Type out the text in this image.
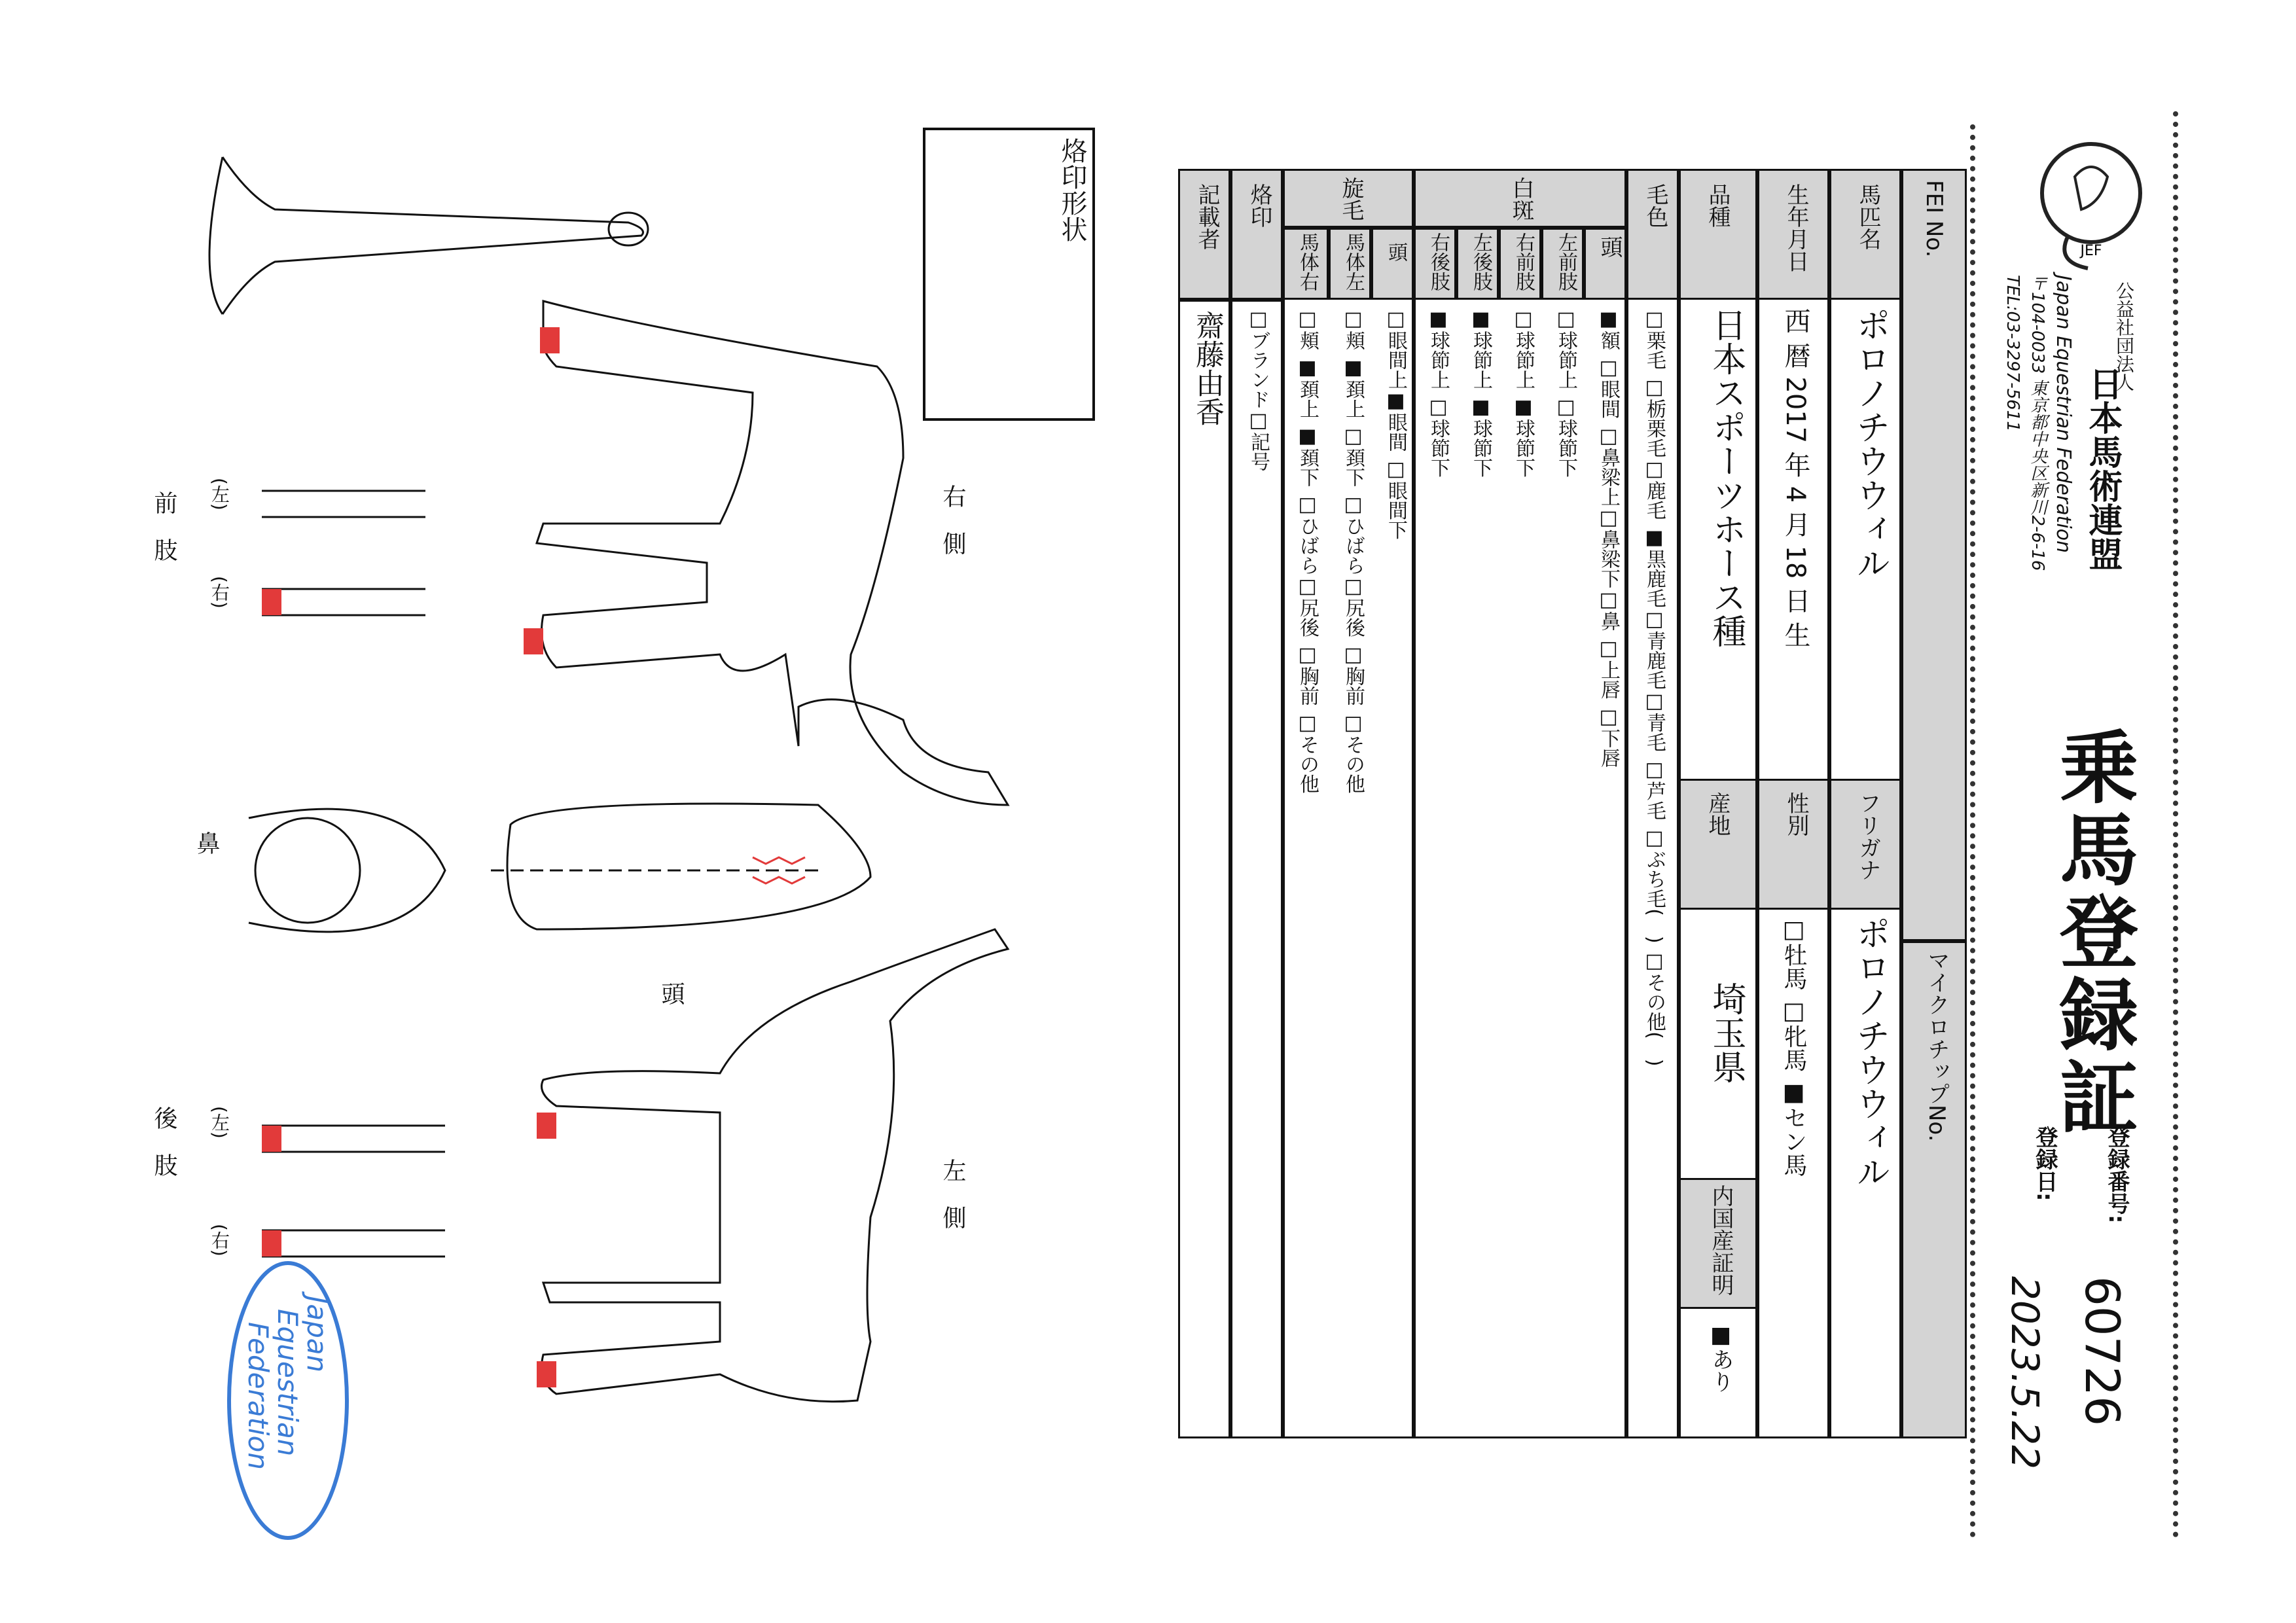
JEF
公益社団法人
日本馬術連盟
Japan Equestrian Federation
〒104-0033 東京都中央区新川2-6-16
TEL:03-3297-5611
乗馬登録証
登録番号:
60726
登録日:
2023.5.22
FEI No.
マイクロチップNo.
馬匹名
ポロノチウウィル
フリガナ
ポロノチウウィル
生年月日
西 暦 2017 年 4 月 18 日 生
性別
□牡馬 □牝馬 ■セン馬
品種
日本スポーツホース種
産地
埼玉県
内国産証明
■あり
毛色
□栗毛 □栃栗毛□鹿毛 ■黒鹿毛□青鹿毛□青毛 □芦毛 □ぶち毛(　) □その他(　)
白斑
頭
■額 □眼間 □鼻梁上□鼻梁下□鼻 □上唇 □下唇
左前肢
□球節上 □球節下
右前肢
□球節上 ■球節下
左後肢
■球節上 ■球節下
右後肢
■球節上 □球節下
旋毛
頭
□眼間上■眼間 □眼間下
馬体左
□頬 ■頚上 □頚下 □ひばら□尻後 □胸前 □その他
馬体右
□頬 ■頚上 ■頚下 □ひばら□尻後 □胸前 □その他
烙印
□ブランド□記号
記載者
齋藤由香
烙印形状
右　側
左　側
頭
鼻
前　肢
後　肢
(左)
(右)
(左)
(右)
Japan
Equestrian
Federation
